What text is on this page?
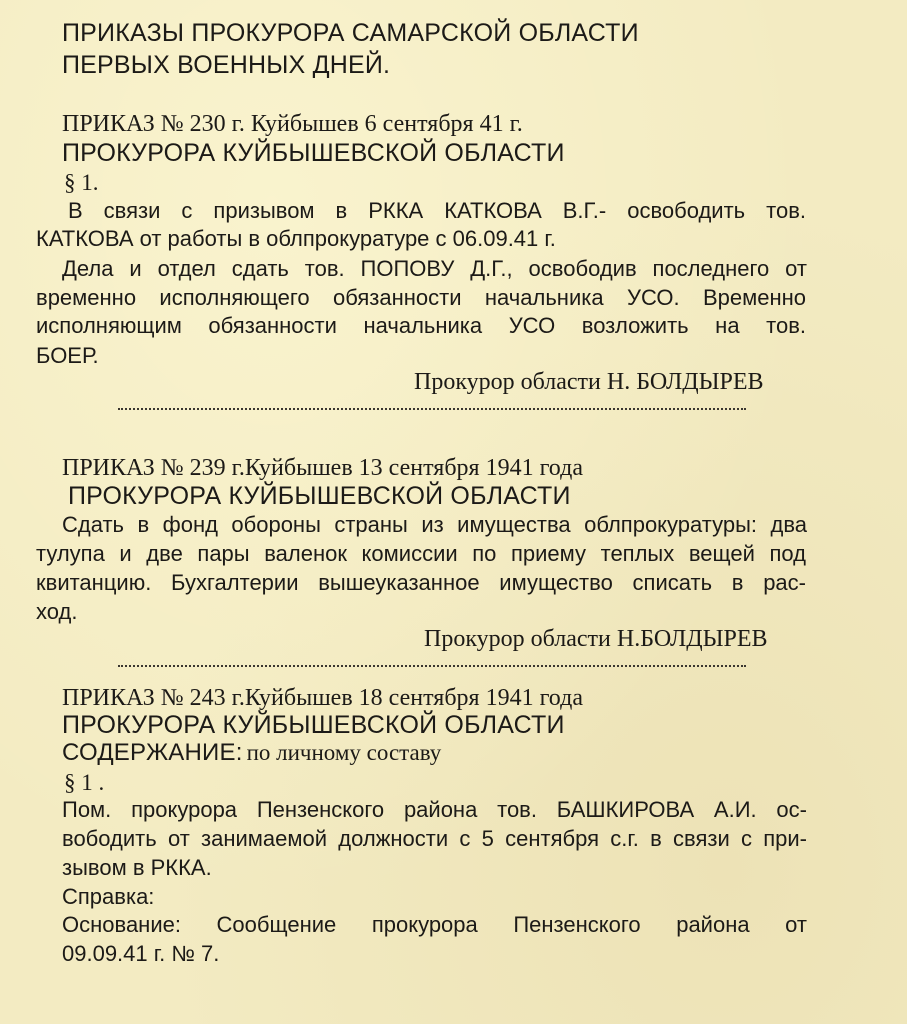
ПРИКАЗЫ ПРОКУРОРА САМАРСКОЙ ОБЛАСТИ
ПЕРВЫХ ВОЕННЫХ ДНЕЙ.
ПРИКАЗ № 230 г. Куйбышев 6 сентября 41 г.
ПРОКУРОРА КУЙБЫШЕВСКОЙ ОБЛАСТИ
§ 1.
В связи с призывом в РККА КАТКОВА В.Г.- освободить тов.
КАТКОВА от работы в облпрокуратуре с 06.09.41 г.
Дела и отдел сдать тов. ПОПОВУ Д.Г., освободив последнего от
временно исполняющего обязанности начальника УСО. Временно
исполняющим обязанности начальника УСО возложить на тов.
БОЕР.
Прокурор области Н. БОЛДЫРЕВ
ПРИКАЗ № 239 г.Куйбышев 13 сентября 1941 года
ПРОКУРОРА КУЙБЫШЕВСКОЙ ОБЛАСТИ
Сдать в фонд обороны страны из имущества облпрокуратуры: два
тулупа и две пары валенок комиссии по приему теплых вещей под
квитанцию. Бухгалтерии вышеуказанное имущество списать в рас-
ход.
Прокурор области Н.БОЛДЫРЕВ
ПРИКАЗ № 243 г.Куйбышев 18 сентября 1941 года
ПРОКУРОРА КУЙБЫШЕВСКОЙ ОБЛАСТИ
СОДЕРЖАНИЕ: по личному составу
§ 1 .
Пом. прокурора Пензенского района тов. БАШКИРОВА А.И. ос-
вободить от занимаемой должности с 5 сентября с.г. в связи с при-
зывом в РККА.
Справка:
Основание: Сообщение прокурора Пензенского района от
09.09.41 г. № 7.
